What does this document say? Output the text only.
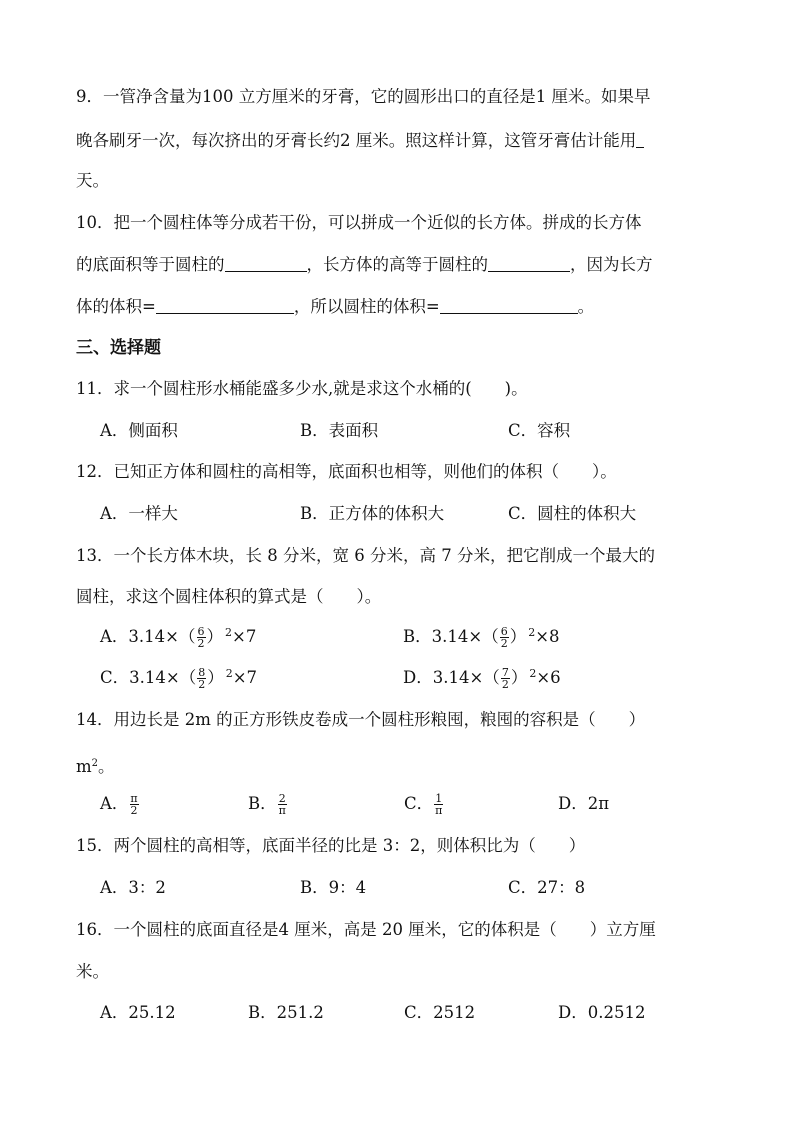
9．一管净含量为100 立方厘米的牙膏，它的圆形出口的直径是1 厘米。如果早
晚各刷牙一次，每次挤出的牙膏长约2 厘米。照这样计算，这管牙膏估计能用
天。
10．把一个圆柱体等分成若干份，可以拼成一个近似的长方体。拼成的长方体
的底面积等于圆柱的	，长方体的高等于圆柱的	，因为长方
体的体积=	，所以圆柱的体积=	。
三、选择题
11．求一个圆柱形水桶能盛多少水,就是求这个水桶的(　　)。
A．侧面积	B．表面积	C．容积
12．已知正方体和圆柱的高相等，底面积也相等，则他们的体积（　　）。
A．一样大	B．正方体的体积大	C．圆柱的体积大
13．一个长方体木块，长 8 分米，宽 6 分米，高 7 分米，把它削成一个最大的
圆柱，求这个圆柱体积的算式是（　　）。
A．$3.14\times( \frac{6}{2}$ ） $^2$×7	B．$3.14\times( \frac{6}{2}$ ） $^2$×8
C．$3.14\times( \frac{8}{2}$ ） $^2$×7	D．$3.14\times( \frac{7}{2}$ ） $^2$×6
14．用边长是 2m 的正方形铁皮卷成一个圆柱形粮囤，粮囤的容积是（　　）
$m^2$。
A． $\frac{\pi}{2}$	B． $\frac{2}{\pi}$	C． $\frac{1}{\pi}$	D．2π
15．两个圆柱的高相等，底面半径的比是 3：2，则体积比为（　　）
A．3：2	B．9：4	C．27：8
16．一个圆柱的底面直径是4 厘米，高是 20 厘米，它的体积是（　　）立方厘
米。
A．25.12	B．251.2	C．2512	D．0.2512
